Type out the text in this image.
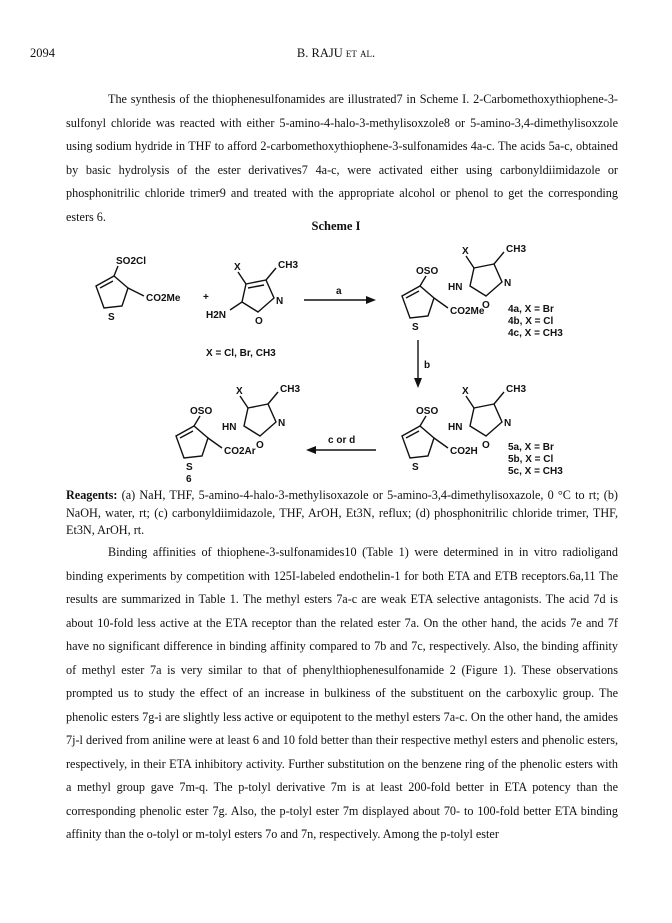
2094	B. RAJU et al.

The synthesis of the thiophenesulfonamides are illustrated7 in Scheme I. 2-Carbomethoxythiophene-3-sulfonyl chloride was reacted with either 5-amino-4-halo-3-methylisoxzole8 or 5-amino-3,4-dimethylisoxzole using sodium hydride in THF to afford 2-carbomethoxythiophene-3-sulfonamides 4a-c. The acids 5a-c, obtained by basic hydrolysis of the ester derivatives7 4a-c, were activated either using carbonyldiimidazole or phosphonitrilic chloride trimer9 and treated with the appropriate alcohol or phenol to get the corresponding esters 6.

Scheme I
SO2Cl
CO2Me
S
+
X	CH3
H2N
O
N
X = Cl, Br, CH3
a
OSO
HN
X	CH3
CO2Me
S
O
N
4a, X = Br
4b, X = Cl
4c, X = CH3
b
OSO
HN
X	CH3
CO2H
S
O
N
5a, X = Br
5b, X = Cl
5c, X = CH3
c or d
OSO
HN
X	CH3
CO2Ar
S
O
N
6

Reagents: (a) NaH, THF, 5-amino-4-halo-3-methylisoxazole or 5-amino-3,4-dimethylisoxazole, 0 °C to rt; (b) NaOH, water, rt; (c) carbonyldiimidazole, THF, ArOH, Et3N, reflux; (d) phosphonitrilic chloride trimer, THF, Et3N, ArOH, rt.

Binding affinities of thiophene-3-sulfonamides10 (Table 1) were determined in in vitro radioligand binding experiments by competition with 125I-labeled endothelin-1 for both ETA and ETB receptors.6a,11 The results are summarized in Table 1. The methyl esters 7a-c are weak ETA selective antagonists. The acid 7d is about 10-fold less active at the ETA receptor than the related ester 7a. On the other hand, the acids 7e and 7f have no significant difference in binding affinity compared to 7b and 7c, respectively. Also, the binding affinity of methyl ester 7a is very similar to that of phenylthiophenesulfonamide 2 (Figure 1). These observations prompted us to study the effect of an increase in bulkiness of the substituent on the carboxylic group. The phenolic esters 7g-i are slightly less active or equipotent to the methyl esters 7a-c. On the other hand, the amides 7j-l derived from aniline were at least 6 and 10 fold better than their respective methyl esters and phenolic esters, respectively, in their ETA inhibitory activity. Further substitution on the benzene ring of the phenolic esters with a methyl group gave 7m-q. The p-tolyl derivative 7m is at least 200-fold better in ETA potency than the corresponding phenolic ester 7g. Also, the p-tolyl ester 7m displayed about 70- to 100-fold better ETA binding affinity than the o-tolyl or m-tolyl esters 7o and 7n, respectively. Among the p-tolyl ester
